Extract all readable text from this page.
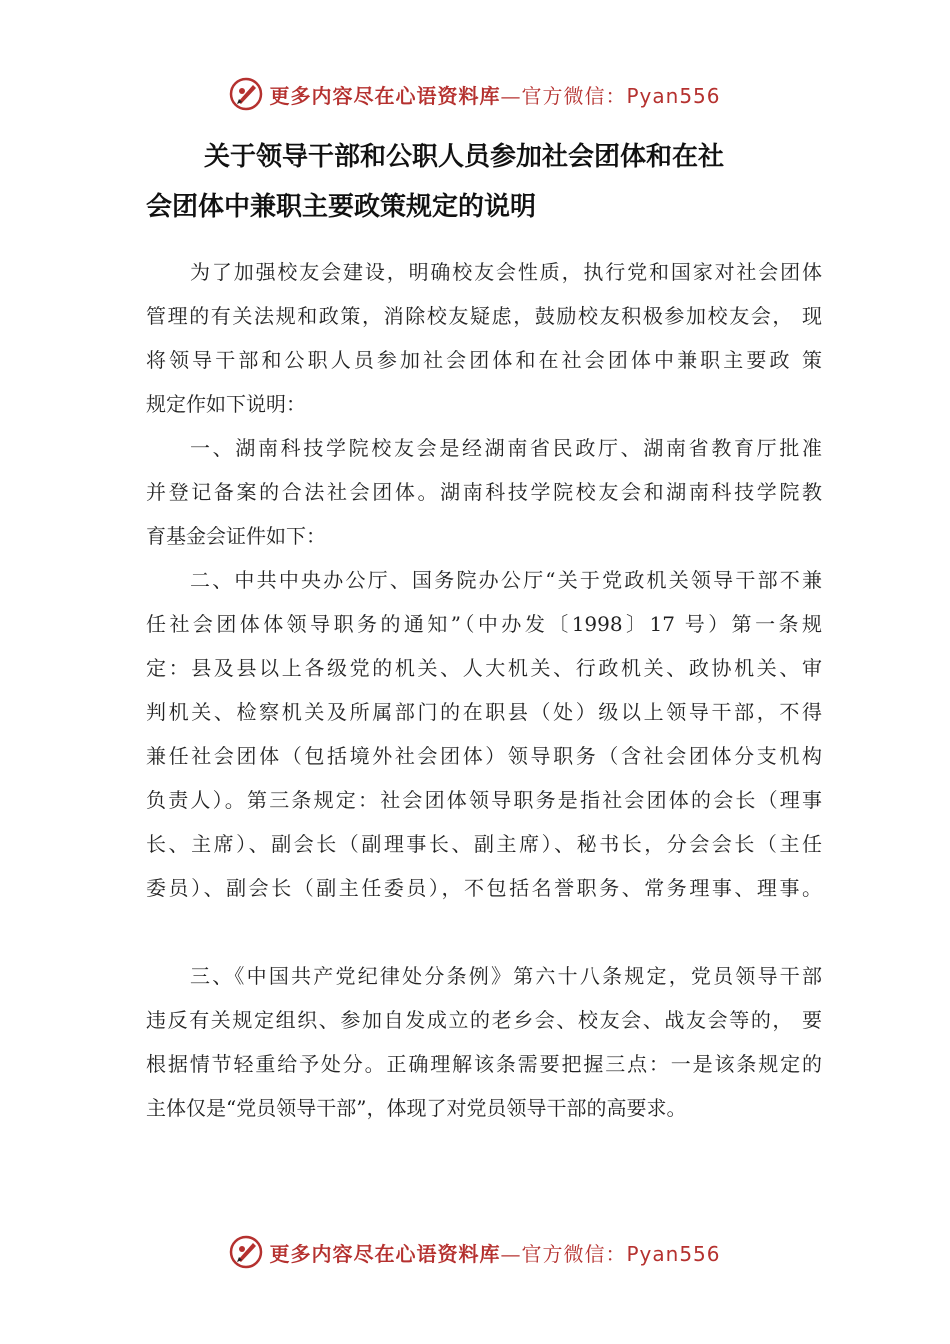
更多内容尽在心语资料库—官方微信：Pyan556
关于领导干部和公职人员参加社会团体和在社
会团体中兼职主要政策规定的说明
为了加强校友会建设，明确校友会性质，执行党和国家对社会团体
管理的有关法规和政策，消除校友疑虑，鼓励校友积极参加校友会， 现
将领导干部和公职人员参加社会团体和在社会团体中兼职主要政 策
规定作如下说明：
一、湖南科技学院校友会是经湖南省民政厅、湖南省教育厅批准
并登记备案的合法社会团体。湖南科技学院校友会和湖南科技学院教
育基金会证件如下：
二、中共中央办公厅、国务院办公厅“关于党政机关领导干部不兼
任社会团体体领导职务的通知”（中办发〔1998〕17 号）第一条规
定：县及县以上各级党的机关、人大机关、行政机关、政协机关、审
判机关、检察机关及所属部门的在职县（处）级以上领导干部，不得
兼任社会团体（包括境外社会团体）领导职务（含社会团体分支机构
负责人）。第三条规定：社会团体领导职务是指社会团体的会长（理事
长、主席）、副会长（副理事长、副主席）、秘书长，分会会长（主任
委员）、副会长（副主任委员），不包括名誉职务、常务理事、理事。
三、《中国共产党纪律处分条例》第六十八条规定，党员领导干部
违反有关规定组织、参加自发成立的老乡会、校友会、战友会等的， 要
根据情节轻重给予处分。正确理解该条需要把握三点：一是该条规定的
主体仅是“党员领导干部”，体现了对党员领导干部的高要求。
更多内容尽在心语资料库—官方微信：Pyan556
